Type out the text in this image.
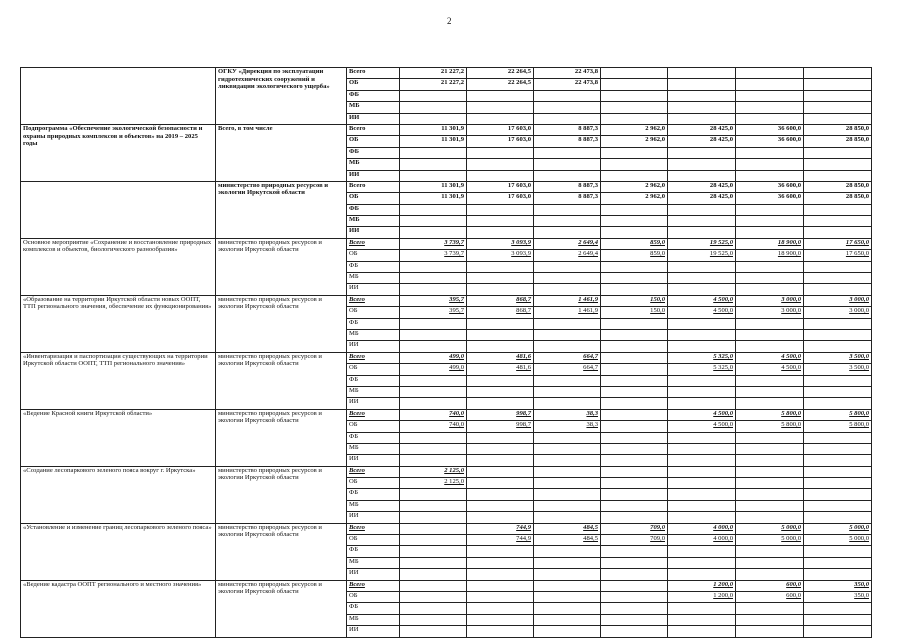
2
	ОГКУ «Дирекция по эксплуатации гидротехнических сооружений и ликвидации экологического ущерба»	Всего	21 227,2	22 264,5	22 473,8				
		ОБ	21 227,2	22 264,5	22 473,8				
		ФБ							
		МБ							
		ИИ							
Подпрограмма «Обеспечение экологической безопасности и охраны природных комплексов и объектов» на 2019 – 2025 годы	Всего, в том числе	Всего	11 301,9	17 603,0	8 887,3	2 962,0	28 425,0	36 600,0	28 850,0
		ОБ	11 301,9	17 603,0	8 887,3	2 962,0	28 425,0	36 600,0	28 850,0
		ФБ							
		МБ							
		ИИ							
	министерство природных ресурсов и экологии Иркутской области	Всего	11 301,9	17 603,0	8 887,3	2 962,0	28 425,0	36 600,0	28 850,0
		ОБ	11 301,9	17 603,0	8 887,3	2 962,0	28 425,0	36 600,0	28 850,0
		ФБ							
		МБ							
		ИИ							
Основное мероприятие «Сохранение и восстановление природных комплексов и объектов, биологического разнообразия»	министерство природных ресурсов и экологии Иркутской области	Всего	3 739,7	3 093,9	2 649,4	859,0	19 525,0	18 900,0	17 650,0
		ОБ	3 739,7	3 093,9	2 649,4	859,0	19 525,0	18 900,0	17 650,0
		ФБ							
		МБ							
		ИИ							
«Образование на территории Иркутской области новых ООПТ, ТТП регионального значения, обеспечение их функционирования»	министерство природных ресурсов и экологии Иркутской области	Всего	395,7	868,7	1 461,9	150,0	4 500,0	3 000,0	3 000,0
		ОБ	395,7	868,7	1 461,9	150,0	4 500,0	3 000,0	3 000,0
		ФБ							
		МБ							
		ИИ							
«Инвентаризация и паспортизация существующих на территории Иркутской области ООПТ, ТТП регионального значения»	министерство природных ресурсов и экологии Иркутской области	Всего	499,0	481,6	664,7		5 325,0	4 500,0	3 500,0
		ОБ	499,0	481,6	664,7		5 325,0	4 500,0	3 500,0
		ФБ							
		МБ							
		ИИ							
«Ведение Красной книги Иркутской области»	министерство природных ресурсов и экологии Иркутской области	Всего	740,0	998,7	38,3		4 500,0	5 800,0	5 800,0
		ОБ	740,0	998,7	38,3		4 500,0	5 800,0	5 800,0
		ФБ							
		МБ							
		ИИ							
«Создание лесопаркового зеленого пояса вокруг г. Иркутска»	министерство природных ресурсов и экологии Иркутской области	Всего	2 125,0						
		ОБ	2 125,0						
		ФБ							
		МБ							
		ИИ							
«Установление и изменение границ лесопаркового зеленого пояса»	министерство природных ресурсов и экологии Иркутской области	Всего		744,9	484,5	709,0	4 000,0	5 000,0	5 000,0
		ОБ		744,9	484,5	709,0	4 000,0	5 000,0	5 000,0
		ФБ							
		МБ							
		ИИ							
«Ведение кадастра ООПТ регионального и местного значения»	министерство природных ресурсов и экологии Иркутской области	Всего					1 200,0	600,0	350,0
		ОБ					1 200,0	600,0	350,0
		ФБ							
		МБ							
		ИИ							
